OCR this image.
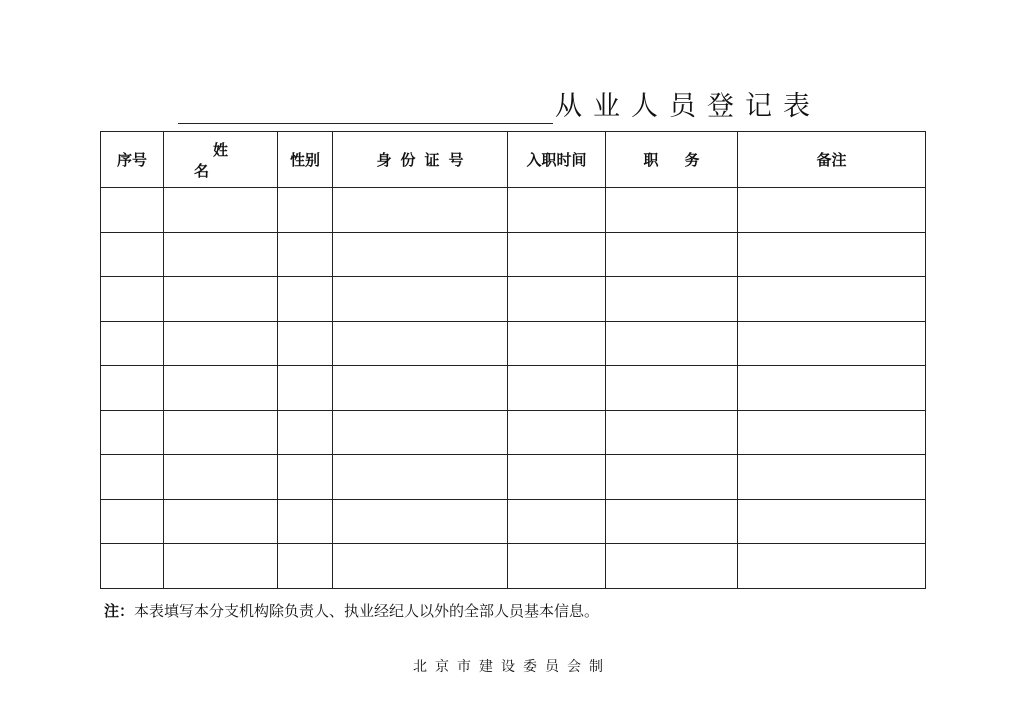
从业人员登记表
序号	姓名	性别	身份证号	入职时间	职务	备注

注：本表填写本分支机构除负责人、执业经纪人以外的全部人员基本信息。
北京市建设委员会制
